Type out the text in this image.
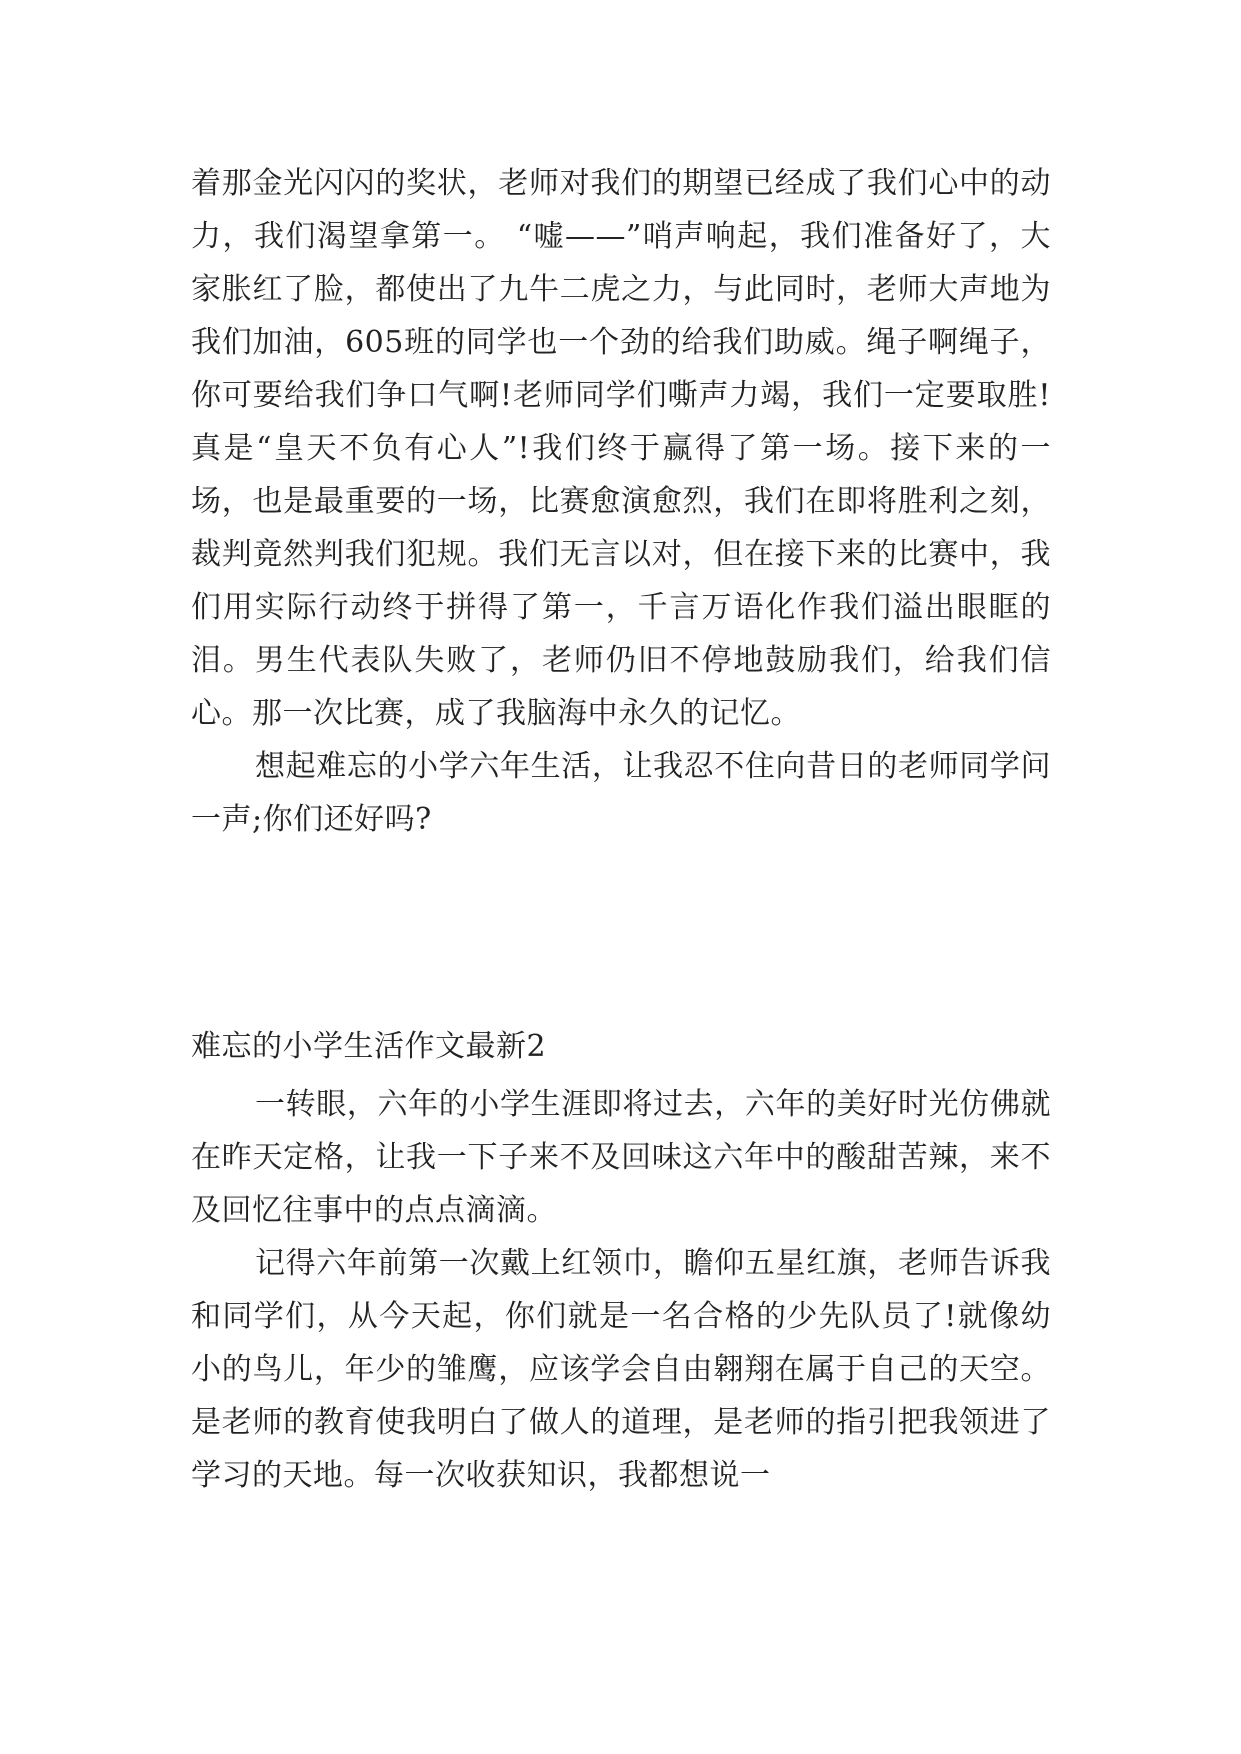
着那金光闪闪的奖状，老师对我们的期望已经成了我们心中的动力，我们渴望拿第一。 “嘘——”哨声响起，我们准备好了，大家胀红了脸，都使出了九牛二虎之力，与此同时，老师大声地为我们加油，605班的同学也一个劲的给我们助威。绳子啊绳子，你可要给我们争口气啊!老师同学们嘶声力竭，我们一定要取胜!真是“皇天不负有心人”!我们终于赢得了第一场。接下来的一场，也是最重要的一场，比赛愈演愈烈，我们在即将胜利之刻，裁判竟然判我们犯规。我们无言以对，但在接下来的比赛中，我们用实际行动终于拼得了第一，千言万语化作我们溢出眼眶的泪。男生代表队失败了，老师仍旧不停地鼓励我们，给我们信心。那一次比赛，成了我脑海中永久的记忆。

想起难忘的小学六年生活，让我忍不住向昔日的老师同学问一声;你们还好吗?

难忘的小学生活作文最新2

一转眼，六年的小学生涯即将过去，六年的美好时光仿佛就在昨天定格，让我一下子来不及回味这六年中的酸甜苦辣，来不及回忆往事中的点点滴滴。

记得六年前第一次戴上红领巾，瞻仰五星红旗，老师告诉我和同学们，从今天起，你们就是一名合格的少先队员了!就像幼小的鸟儿，年少的雏鹰，应该学会自由翱翔在属于自己的天空。是老师的教育使我明白了做人的道理，是老师的指引把我领进了学习的天地。每一次收获知识，我都想说一
